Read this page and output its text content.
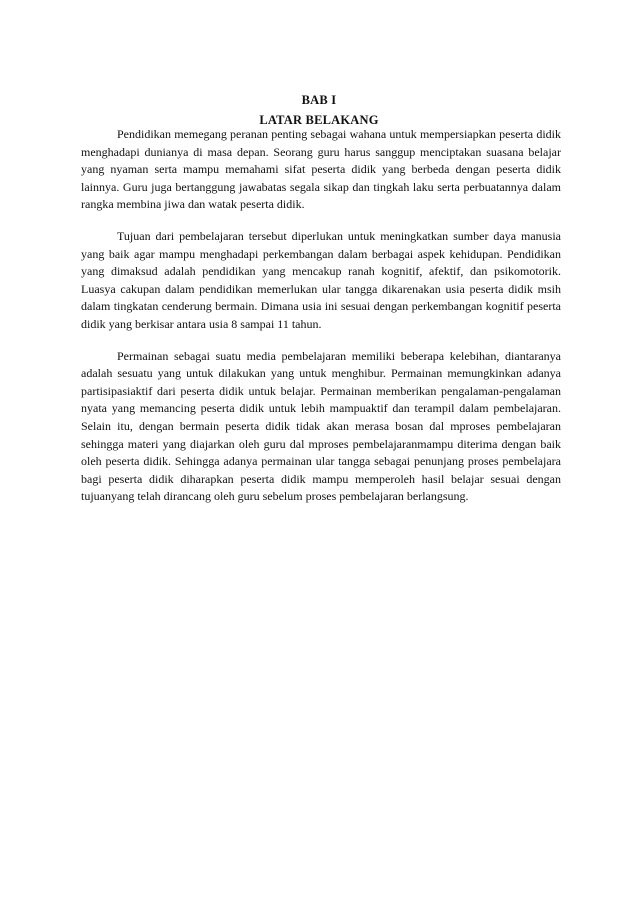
BAB I
LATAR BELAKANG

Pendidikan memegang peranan penting sebagai wahana untuk mempersiapkan peserta didik menghadapi dunianya di masa depan. Seorang guru harus sanggup menciptakan suasana belajar yang nyaman serta mampu memahami sifat peserta didik yang berbeda dengan peserta didik lainnya. Guru juga bertanggung jawabatas segala sikap dan tingkah laku serta perbuatannya dalam rangka membina jiwa dan watak peserta didik.

Tujuan dari pembelajaran tersebut diperlukan untuk meningkatkan sumber daya manusia yang baik agar mampu menghadapi perkembangan dalam berbagai aspek kehidupan. Pendidikan yang dimaksud adalah pendidikan yang mencakup ranah kognitif, afektif, dan psikomotorik. Luasya cakupan dalam pendidikan memerlukan ular tangga dikarenakan usia peserta didik msih dalam tingkatan cenderung bermain. Dimana usia ini sesuai dengan perkembangan kognitif peserta didik yang berkisar antara usia 8 sampai 11 tahun.

Permainan sebagai suatu media pembelajaran memiliki beberapa kelebihan, diantaranya adalah sesuatu yang untuk dilakukan yang untuk menghibur. Permainan memungkinkan adanya partisipasiaktif dari peserta didik untuk belajar. Permainan memberikan pengalaman-pengalaman nyata yang memancing peserta didik untuk lebih mampuaktif dan terampil dalam pembelajaran. Selain itu, dengan bermain peserta didik tidak akan merasa bosan dal mproses pembelajaran sehingga materi yang diajarkan oleh guru dal mproses pembelajaranmampu diterima dengan baik oleh peserta didik. Sehingga adanya permainan ular tangga sebagai penunjang proses pembelajara bagi peserta didik diharapkan peserta didik mampu memperoleh hasil belajar sesuai dengan tujuanyang telah dirancang oleh guru sebelum proses pembelajaran berlangsung.
